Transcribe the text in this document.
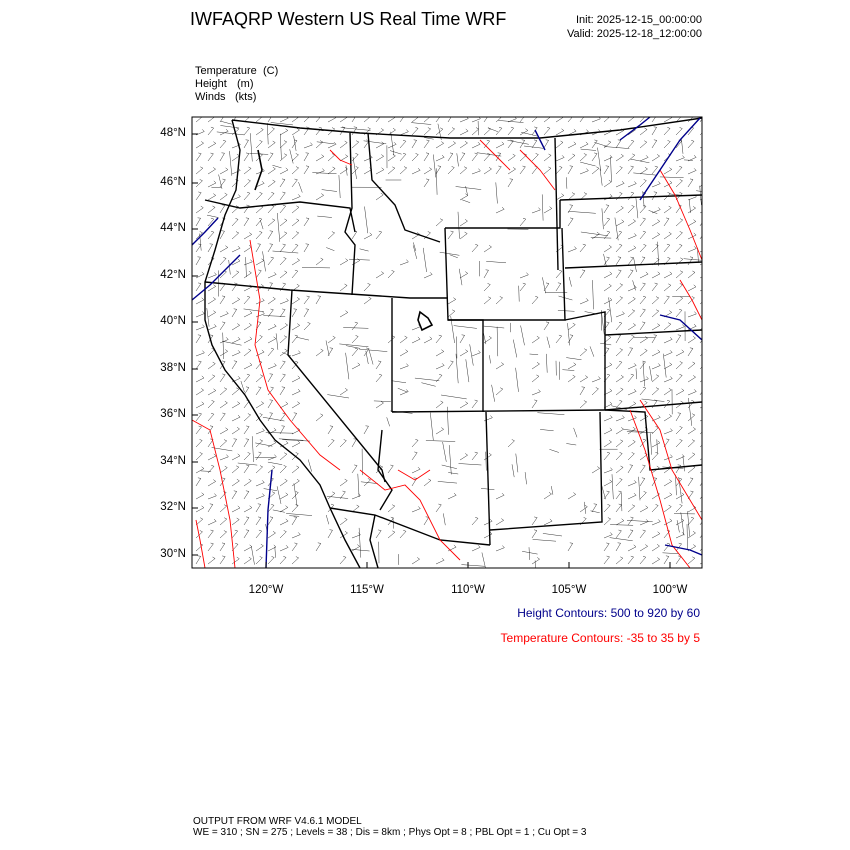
IWFAQRP Western US Real Time WRF	Init: 2025-12-15_00:00:00
Valid: 2025-12-18_12:00:00
Temperature (C)
Height (m)
Winds (kts)
48°N
46°N
44°N
42°N
40°N
38°N
36°N
34°N
32°N
30°N
120°W	115°W	110°W	105°W	100°W
Height Contours: 500 to 920 by 60
Temperature Contours: -35 to 35 by 5
OUTPUT FROM WRF V4.6.1 MODEL
WE = 310 ; SN = 275 ; Levels = 38 ; Dis = 8km ; Phys Opt = 8 ; PBL Opt = 1 ; Cu Opt = 3
